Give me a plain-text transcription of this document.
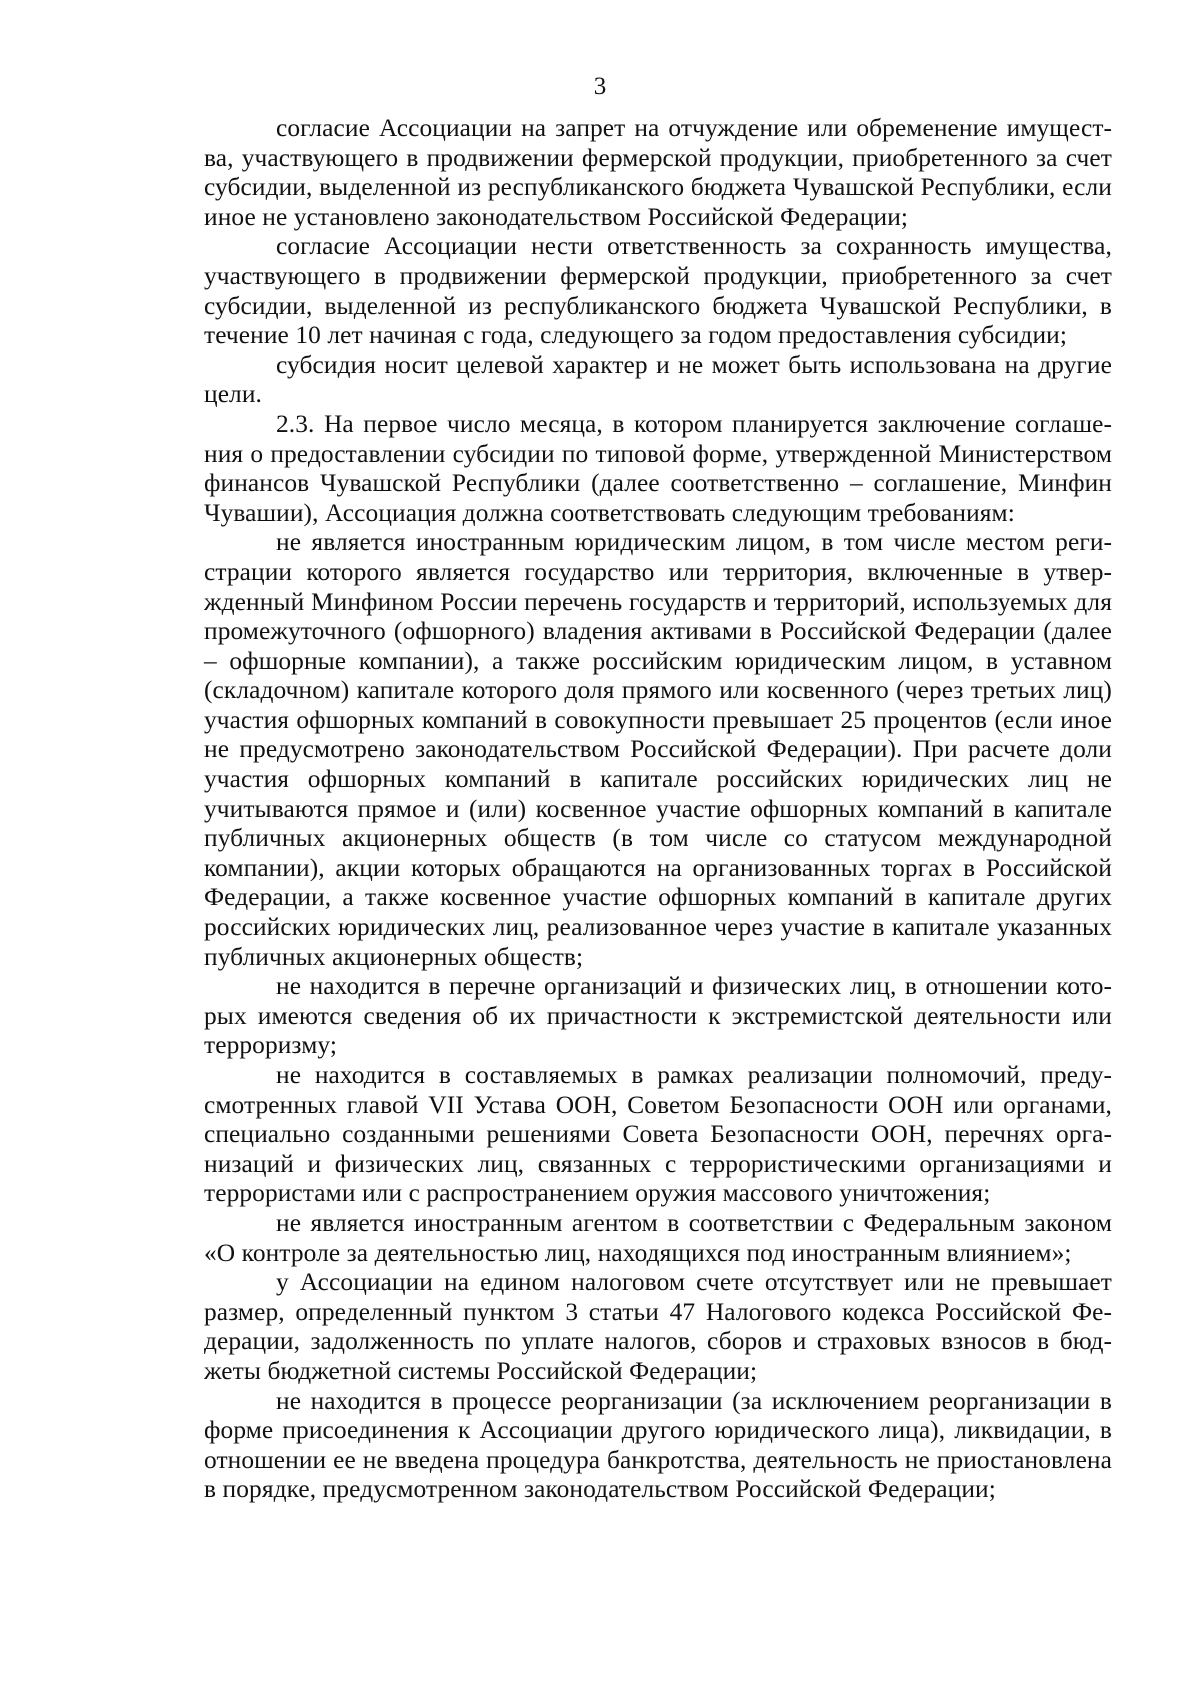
3

согласие Ассоциации на запрет на отчуждение или обременение имущества, участвующего в продвижении фермерской продукции, приобретенного за счет субсидии, выделенной из республиканского бюджета Чувашской Республики, если иное не установлено законодательством Российской Федерации;

согласие Ассоциации нести ответственность за сохранность имущества, участвующего в продвижении фермерской продукции, приобретенного за счет субсидии, выделенной из республиканского бюджета Чувашской Республики, в течение 10 лет начиная с года, следующего за годом предоставления субсидии;

субсидия носит целевой характер и не может быть использована на другие цели.

2.3. На первое число месяца, в котором планируется заключение соглашения о предоставлении субсидии по типовой форме, утвержденной Министерством финансов Чувашской Республики (далее соответственно – соглашение, Минфин Чувашии), Ассоциация должна соответствовать следующим требованиям:

не является иностранным юридическим лицом, в том числе местом регистрации которого является государство или территория, включенные в утвержденный Минфином России перечень государств и территорий, используемых для промежуточного (офшорного) владения активами в Российской Федерации (далее – офшорные компании), а также российским юридическим лицом, в уставном (складочном) капитале которого доля прямого или косвенного (через третьих лиц) участия офшорных компаний в совокупности превышает 25 процентов (если иное не предусмотрено законодательством Российской Федерации). При расчете доли участия офшорных компаний в капитале российских юридических лиц не учитываются прямое и (или) косвенное участие офшорных компаний в капитале публичных акционерных обществ (в том числе со статусом международной компании), акции которых обращаются на организованных торгах в Российской Федерации, а также косвенное участие офшорных компаний в капитале других российских юридических лиц, реализованное через участие в капитале указанных публичных акционерных обществ;

не находится в перечне организаций и физических лиц, в отношении которых имеются сведения об их причастности к экстремистской деятельности или терроризму;

не находится в составляемых в рамках реализации полномочий, предусмотренных главой VII Устава ООН, Советом Безопасности ООН или органами, специально созданными решениями Совета Безопасности ООН, перечнях организаций и физических лиц, связанных с террористическими организациями и террористами или с распространением оружия массового уничтожения;

не является иностранным агентом в соответствии с Федеральным законом «О контроле за деятельностью лиц, находящихся под иностранным влиянием»;

у Ассоциации на едином налоговом счете отсутствует или не превышает размер, определенный пунктом 3 статьи 47 Налогового кодекса Российской Федерации, задолженность по уплате налогов, сборов и страховых взносов в бюджеты бюджетной системы Российской Федерации;

не находится в процессе реорганизации (за исключением реорганизации в форме присоединения к Ассоциации другого юридического лица), ликвидации, в отношении ее не введена процедура банкротства, деятельность не приостановлена в порядке, предусмотренном законодательством Российской Федерации;
